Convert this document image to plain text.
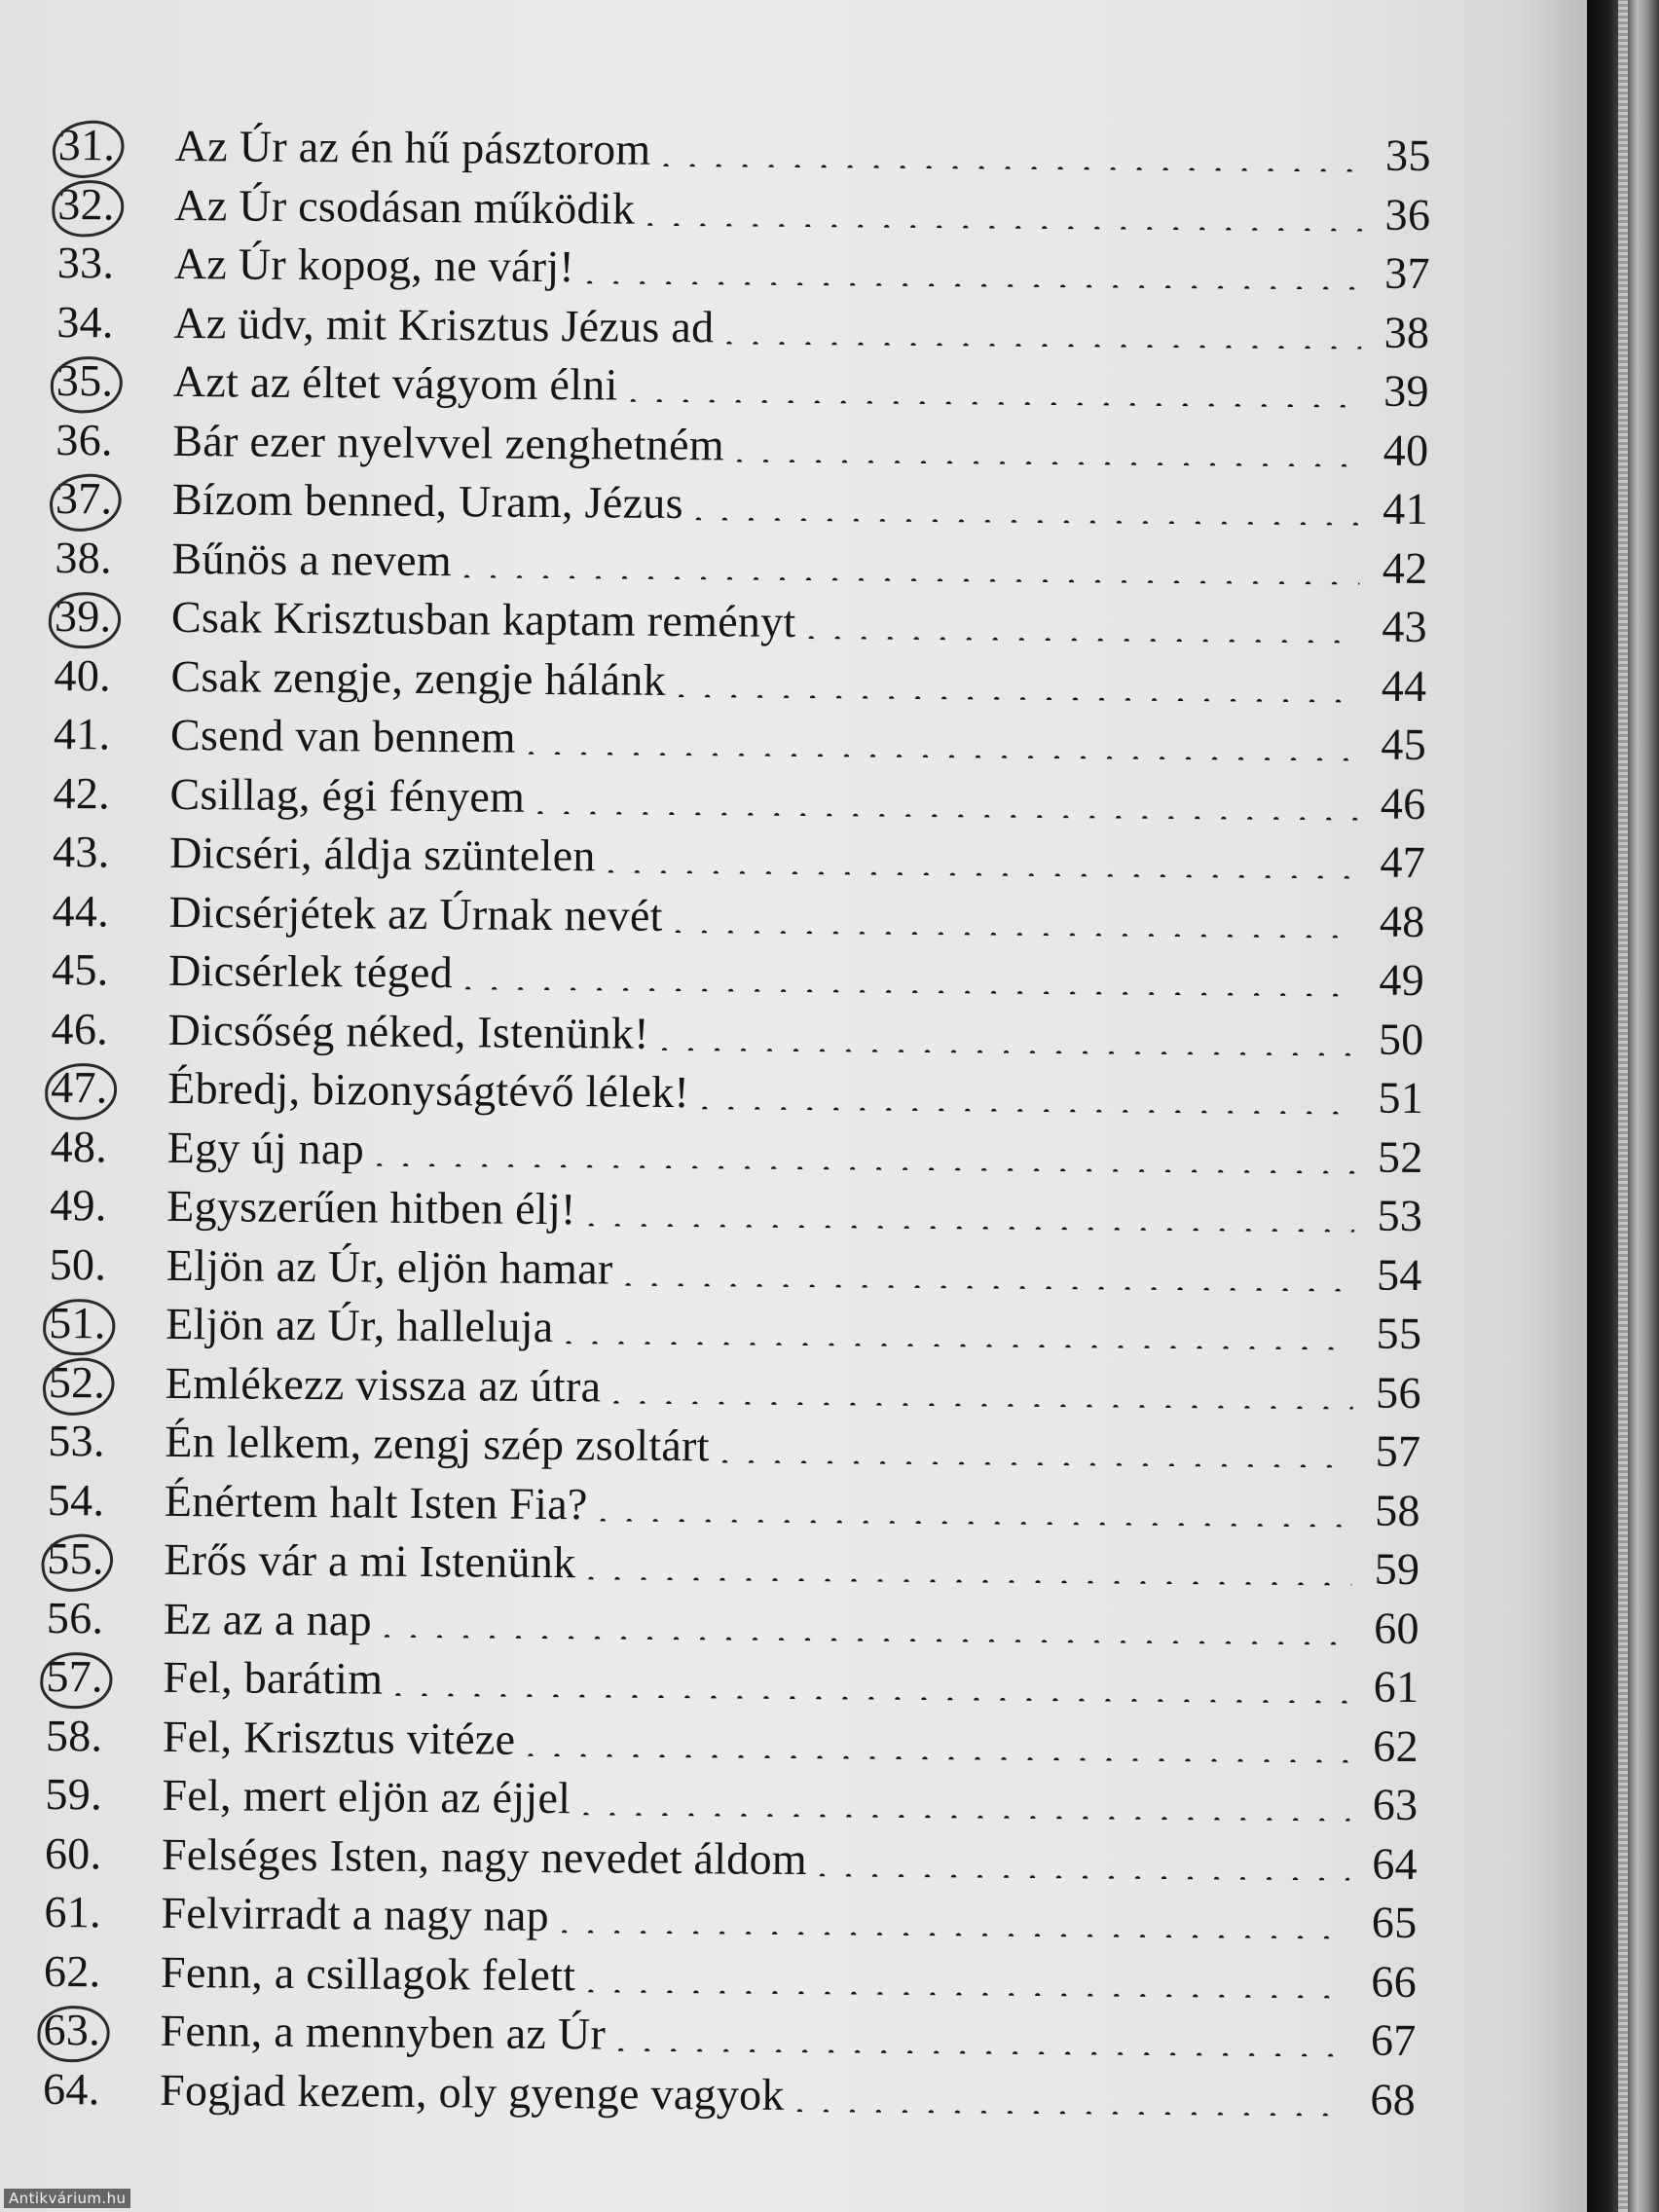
31.	Az Úr az én hű pásztorom . . .	35
32.	Az Úr csodásan működik . . .	36
33.	Az Úr kopog, ne várj! . . .	37
34.	Az üdv, mit Krisztus Jézus ad . . .	38
35.	Azt az éltet vágyom élni . . .	39
36.	Bár ezer nyelvvel zenghetném . . .	40
37.	Bízom benned, Uram, Jézus . . .	41
38.	Bűnös a nevem . . .	42
39.	Csak Krisztusban kaptam reményt . . .	43
40.	Csak zengje, zengje hálánk . . .	44
41.	Csend van bennem . . .	45
42.	Csillag, égi fényem . . .	46
43.	Dicséri, áldja szüntelen . . .	47
44.	Dicsérjétek az Úrnak nevét . . .	48
45.	Dicsérlek téged . . .	49
46.	Dicsőség néked, Istenünk! . . .	50
47.	Ébredj, bizonyságtévő lélek! . . .	51
48.	Egy új nap . . .	52
49.	Egyszerűen hitben élj! . . .	53
50.	Eljön az Úr, eljön hamar . . .	54
51.	Eljön az Úr, halleluja . . .	55
52.	Emlékezz vissza az útra . . .	56
53.	Én lelkem, zengj szép zsoltárt . . .	57
54.	Énértem halt Isten Fia? . . .	58
55.	Erős vár a mi Istenünk . . .	59
56.	Ez az a nap . . .	60
57.	Fel, barátim . . .	61
58.	Fel, Krisztus vitéze . . .	62
59.	Fel, mert eljön az éjjel . . .	63
60.	Felséges Isten, nagy nevedet áldom . . .	64
61.	Felvirradt a nagy nap . . .	65
62.	Fenn, a csillagok felett . . .	66
63.	Fenn, a mennyben az Úr . . .	67
64.	Fogjad kezem, oly gyenge vagyok . . .	68
Antikvárium.hu
